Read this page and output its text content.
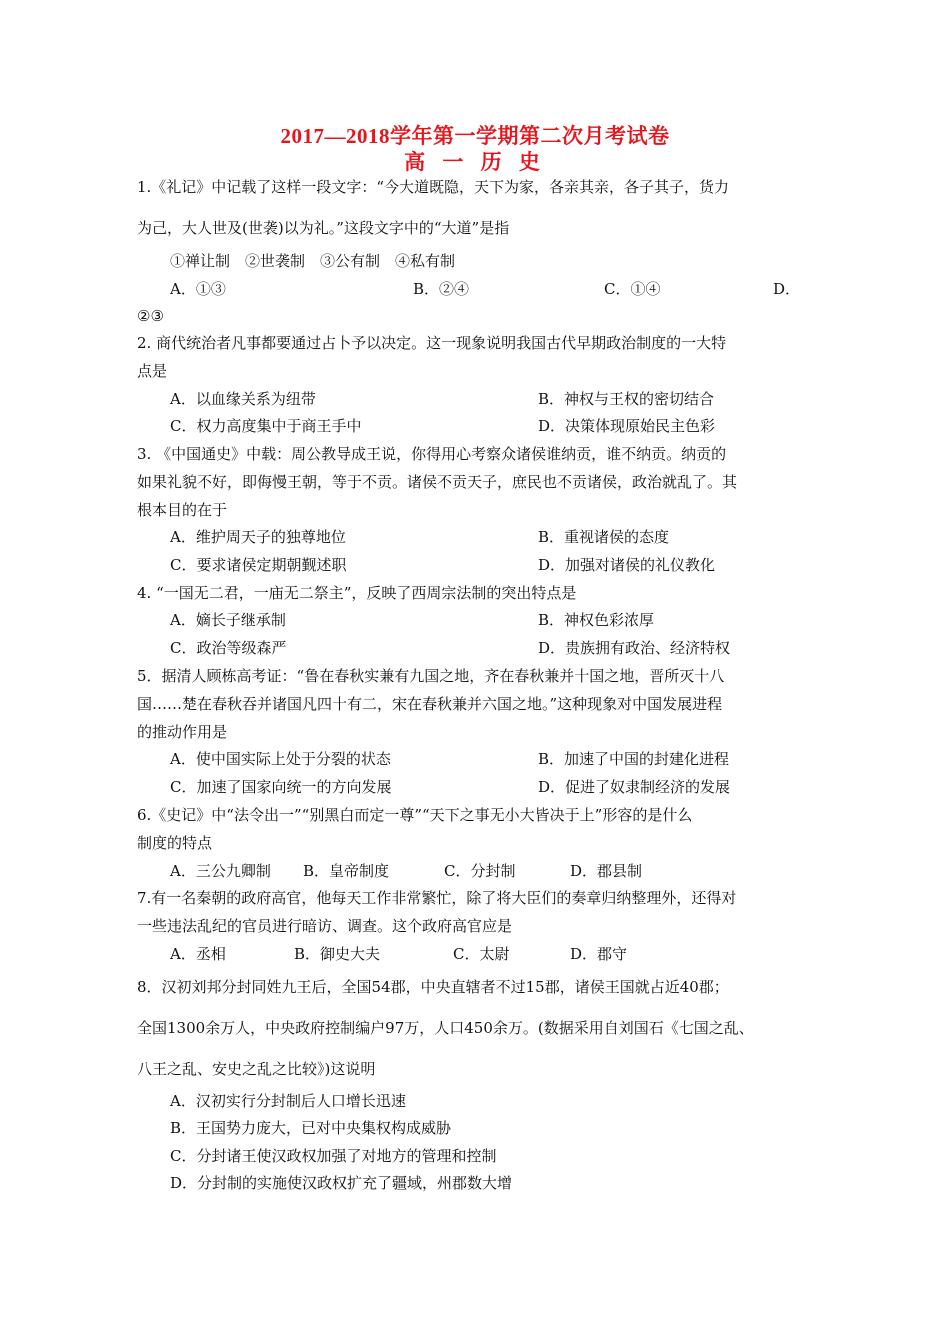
2017—2018学年第一学期第二次月考试卷
高 一 历 史
1.《礼记》中记载了这样一段文字：“今大道既隐，天下为家，各亲其亲，各子其子，货力
为己，大人世及(世袭)以为礼。”这段文字中的“大道”是指
①禅让制　②世袭制　③公有制　④私有制
A．①③	B．②④	C．①④	D．
②③
2. 商代统治者凡事都要通过占卜予以决定。这一现象说明我国古代早期政治制度的一大特
点是
A．以血缘关系为纽带	B．神权与王权的密切结合
C．权力高度集中于商王手中	D．决策体现原始民主色彩
3. 《中国通史》中载：周公教导成王说，你得用心考察众诸侯谁纳贡，谁不纳贡。纳贡的
如果礼貌不好，即侮慢王朝，等于不贡。诸侯不贡天子，庶民也不贡诸侯，政治就乱了。其
根本目的在于
A．维护周天子的独尊地位	B．重视诸侯的态度
C．要求诸侯定期朝觐述职	D．加强对诸侯的礼仪教化
4. “一国无二君，一庙无二祭主”，反映了西周宗法制的突出特点是
A．嫡长子继承制	B．神权色彩浓厚
C．政治等级森严	D．贵族拥有政治、经济特权
5．据清人顾栋高考证：“鲁在春秋实兼有九国之地，齐在春秋兼并十国之地，晋所灭十八
国……楚在春秋吞并诸国凡四十有二，宋在春秋兼并六国之地。”这种现象对中国发展进程
的推动作用是
A．使中国实际上处于分裂的状态	B．加速了中国的封建化进程
C．加速了国家向统一的方向发展	D．促进了奴隶制经济的发展
6.《史记》中“法令出一”“别黑白而定一尊”“天下之事无小大皆决于上”形容的是什么
制度的特点
A．三公九卿制 B．皇帝制度	C．分封制	D．郡县制
7.有一名秦朝的政府高官，他每天工作非常繁忙，除了将大臣们的奏章归纳整理外，还得对
一些违法乱纪的官员进行暗访、调查。这个政府高官应是
A．丞相	B．御史大夫	C．太尉	D．郡守
8．汉初刘邦分封同姓九王后，全国54郡，中央直辖者不过15郡，诸侯王国就占近40郡；
全国1300余万人，中央政府控制编户97万，人口450余万。(数据采用自刘国石《七国之乱、
八王之乱、安史之乱之比较》)这说明
A．汉初实行分封制后人口增长迅速
B．王国势力庞大，已对中央集权构成威胁
C．分封诸王使汉政权加强了对地方的管理和控制
D．分封制的实施使汉政权扩充了疆域，州郡数大增
